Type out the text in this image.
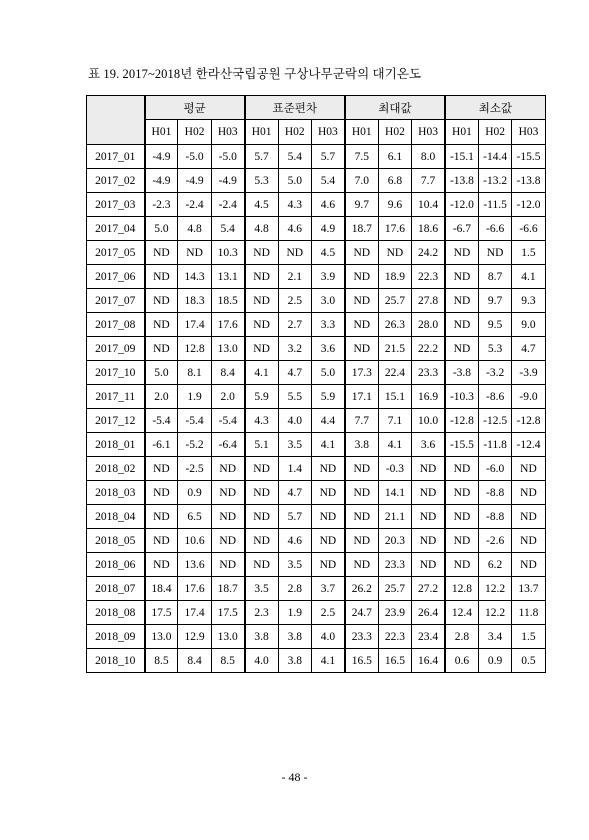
표 19. 2017~2018년 한라산국립공원 구상나무군락의 대기온도
	평균			표준편차			최대값			최소값		
	H01	H02	H03	H01	H02	H03	H01	H02	H03	H01	H02	H03
2017_01	-4.9	-5.0	-5.0	5.7	5.4	5.7	7.5	6.1	8.0	-15.1	-14.4	-15.5
2017_02	-4.9	-4.9	-4.9	5.3	5.0	5.4	7.0	6.8	7.7	-13.8	-13.2	-13.8
2017_03	-2.3	-2.4	-2.4	4.5	4.3	4.6	9.7	9.6	10.4	-12.0	-11.5	-12.0
2017_04	5.0	4.8	5.4	4.8	4.6	4.9	18.7	17.6	18.6	-6.7	-6.6	-6.6
2017_05	ND	ND	10.3	ND	ND	4.5	ND	ND	24.2	ND	ND	1.5
2017_06	ND	14.3	13.1	ND	2.1	3.9	ND	18.9	22.3	ND	8.7	4.1
2017_07	ND	18.3	18.5	ND	2.5	3.0	ND	25.7	27.8	ND	9.7	9.3
2017_08	ND	17.4	17.6	ND	2.7	3.3	ND	26.3	28.0	ND	9.5	9.0
2017_09	ND	12.8	13.0	ND	3.2	3.6	ND	21.5	22.2	ND	5.3	4.7
2017_10	5.0	8.1	8.4	4.1	4.7	5.0	17.3	22.4	23.3	-3.8	-3.2	-3.9
2017_11	2.0	1.9	2.0	5.9	5.5	5.9	17.1	15.1	16.9	-10.3	-8.6	-9.0
2017_12	-5.4	-5.4	-5.4	4.3	4.0	4.4	7.7	7.1	10.0	-12.8	-12.5	-12.8
2018_01	-6.1	-5.2	-6.4	5.1	3.5	4.1	3.8	4.1	3.6	-15.5	-11.8	-12.4
2018_02	ND	-2.5	ND	ND	1.4	ND	ND	-0.3	ND	ND	-6.0	ND
2018_03	ND	0.9	ND	ND	4.7	ND	ND	14.1	ND	ND	-8.8	ND
2018_04	ND	6.5	ND	ND	5.7	ND	ND	21.1	ND	ND	-8.8	ND
2018_05	ND	10.6	ND	ND	4.6	ND	ND	20.3	ND	ND	-2.6	ND
2018_06	ND	13.6	ND	ND	3.5	ND	ND	23.3	ND	ND	6.2	ND
2018_07	18.4	17.6	18.7	3.5	2.8	3.7	26.2	25.7	27.2	12.8	12.2	13.7
2018_08	17.5	17.4	17.5	2.3	1.9	2.5	24.7	23.9	26.4	12.4	12.2	11.8
2018_09	13.0	12.9	13.0	3.8	3.8	4.0	23.3	22.3	23.4	2.8	3.4	1.5
2018_10	8.5	8.4	8.5	4.0	3.8	4.1	16.5	16.5	16.4	0.6	0.9	0.5
- 48 -
